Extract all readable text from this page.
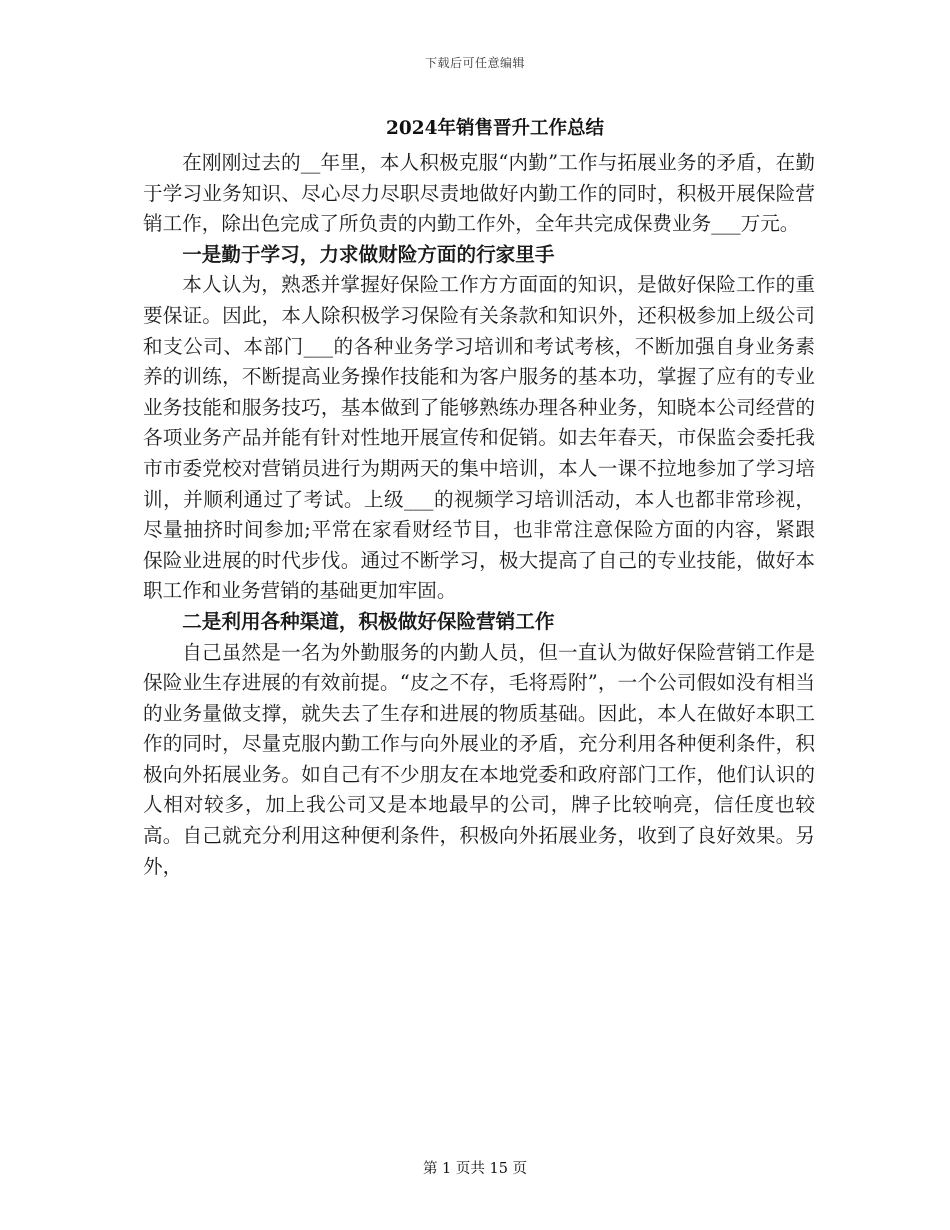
下载后可任意编辑
2024年销售晋升工作总结

在刚刚过去的__年里，本人积极克服“内勤”工作与拓展业务的矛盾，在勤于学习业务知识、尽心尽力尽职尽责地做好内勤工作的同时，积极开展保险营销工作，除出色完成了所负责的内勤工作外，全年共完成保费业务___万元。

一是勤于学习，力求做财险方面的行家里手

本人认为，熟悉并掌握好保险工作方方面面的知识，是做好保险工作的重要保证。因此，本人除积极学习保险有关条款和知识外，还积极参加上级公司和支公司、本部门___的各种业务学习培训和考试考核，不断加强自身业务素养的训练，不断提高业务操作技能和为客户服务的基本功，掌握了应有的专业业务技能和服务技巧，基本做到了能够熟练办理各种业务，知晓本公司经营的各项业务产品并能有针对性地开展宣传和促销。如去年春天，市保监会委托我市市委党校对营销员进行为期两天的集中培训，本人一课不拉地参加了学习培训，并顺利通过了考试。上级___的视频学习培训活动，本人也都非常珍视，尽量抽挤时间参加;平常在家看财经节目，也非常注意保险方面的内容，紧跟保险业进展的时代步伐。通过不断学习，极大提高了自己的专业技能，做好本职工作和业务营销的基础更加牢固。

二是利用各种渠道，积极做好保险营销工作

自己虽然是一名为外勤服务的内勤人员，但一直认为做好保险营销工作是保险业生存进展的有效前提。“皮之不存，毛将焉附”，一个公司假如没有相当的业务量做支撑，就失去了生存和进展的物质基础。因此，本人在做好本职工作的同时，尽量克服内勤工作与向外展业的矛盾，充分利用各种便利条件，积极向外拓展业务。如自己有不少朋友在本地党委和政府部门工作，他们认识的人相对较多，加上我公司又是本地最早的公司，牌子比较响亮，信任度也较高。自己就充分利用这种便利条件，积极向外拓展业务，收到了良好效果。另外，

第 1 页共 15 页
